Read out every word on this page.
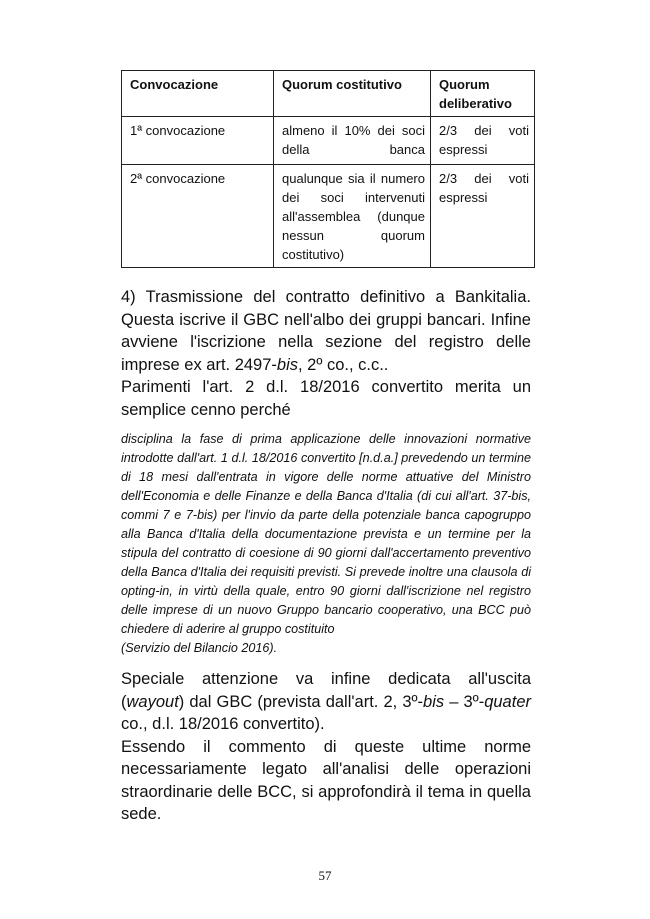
Convocazione	Quorum costitutivo	Quorum deliberativo
1ª convocazione	almeno il 10% dei soci della banca	2/3 dei voti espressi
2ª convocazione	qualunque sia il numero dei soci intervenuti all'assemblea (dunque nessun quorum costitutivo)	2/3 dei voti espressi

4) Trasmissione del contratto definitivo a Bankitalia. Questa iscrive il GBC nell'albo dei gruppi bancari. Infine avviene l'iscrizione nella sezione del registro delle imprese ex art. 2497-bis, 2º co., c.c..
Parimenti l'art. 2 d.l. 18/2016 convertito merita un semplice cenno perché

disciplina la fase di prima applicazione delle innovazioni normative introdotte dall'art. 1 d.l. 18/2016 convertito [n.d.a.] prevedendo un termine di 18 mesi dall'entrata in vigore delle norme attuative del Ministro dell'Economia e delle Finanze e della Banca d'Italia (di cui all'art. 37-bis, commi 7 e 7-bis) per l'invio da parte della potenziale banca capogruppo alla Banca d'Italia della documentazione prevista e un termine per la stipula del contratto di coesione di 90 giorni dall'accertamento preventivo della Banca d'Italia dei requisiti previsti. Si prevede inoltre una clausola di opting-in, in virtù della quale, entro 90 giorni dall'iscrizione nel registro delle imprese di un nuovo Gruppo bancario cooperativo, una BCC può chiedere di aderire al gruppo costituito
(Servizio del Bilancio 2016).

Speciale attenzione va infine dedicata all'uscita (wayout) dal GBC (prevista dall'art. 2, 3º-bis – 3º-quater co., d.l. 18/2016 convertito).
Essendo il commento di queste ultime norme necessariamente legato all'analisi delle operazioni straordinarie delle BCC, si approfondirà il tema in quella sede.

57
